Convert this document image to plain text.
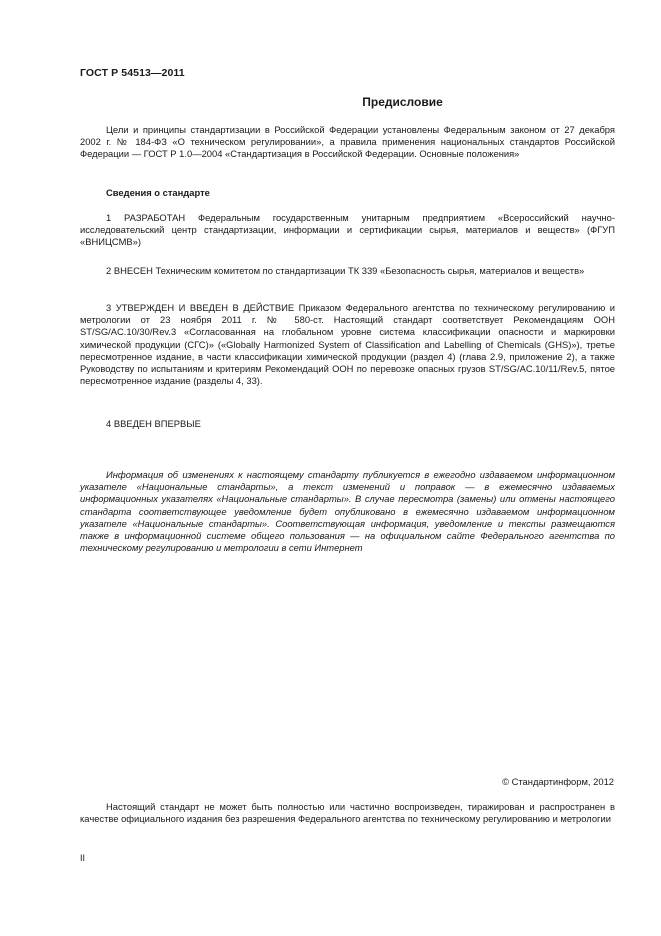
ГОСТ Р 54513—2011
Предисловие

Цели и принципы стандартизации в Российской Федерации установлены Федеральным законом от 27 декабря 2002 г. № 184-ФЗ «О техническом регулировании», а правила применения национальных стандартов Российской Федерации — ГОСТ Р 1.0—2004 «Стандартизация в Российской Федерации. Основные положения»

Сведения о стандарте

1 РАЗРАБОТАН Федеральным государственным унитарным предприятием «Всероссийский научно-исследовательский центр стандартизации, информации и сертификации сырья, материалов и веществ» (ФГУП «ВНИЦСМВ»)

2 ВНЕСЕН Техническим комитетом по стандартизации ТК 339 «Безопасность сырья, материалов и веществ»

3 УТВЕРЖДЕН И ВВЕДЕН В ДЕЙСТВИЕ Приказом Федерального агентства по техническому регулированию и метрологии от 23 ноября 2011 г. № 580-ст. Настоящий стандарт соответствует Рекомендациям ООН ST/SG/AC.10/30/Rev.3 «Согласованная на глобальном уровне система классификации опасности и маркировки химической продукции (СГС)» («Globally Harmonized System of Classification and Labelling of Chemicals (GHS)»), третье пересмотренное издание, в части классификации химической продукции (раздел 4) (глава 2.9, приложение 2), а также Руководству по испытаниям и критериям Рекомендаций ООН по перевозке опасных грузов ST/SG/AC.10/11/Rev.5, пятое пересмотренное издание (разделы 4, 33).

4 ВВЕДЕН ВПЕРВЫЕ

Информация об изменениях к настоящему стандарту публикуется в ежегодно издаваемом информационном указателе «Национальные стандарты», а текст изменений и поправок — в ежемесячно издаваемых информационных указателях «Национальные стандарты». В случае пересмотра (замены) или отмены настоящего стандарта соответствующее уведомление будет опубликовано в ежемесячно издаваемом информационном указателе «Национальные стандарты». Соответствующая информация, уведомление и тексты размещаются также в информационной системе общего пользования — на официальном сайте Федерального агентства по техническому регулированию и метрологии в сети Интернет

© Стандартинформ, 2012

Настоящий стандарт не может быть полностью или частично воспроизведен, тиражирован и распространен в качестве официального издания без разрешения Федерального агентства по техническому регулированию и метрологии

II
